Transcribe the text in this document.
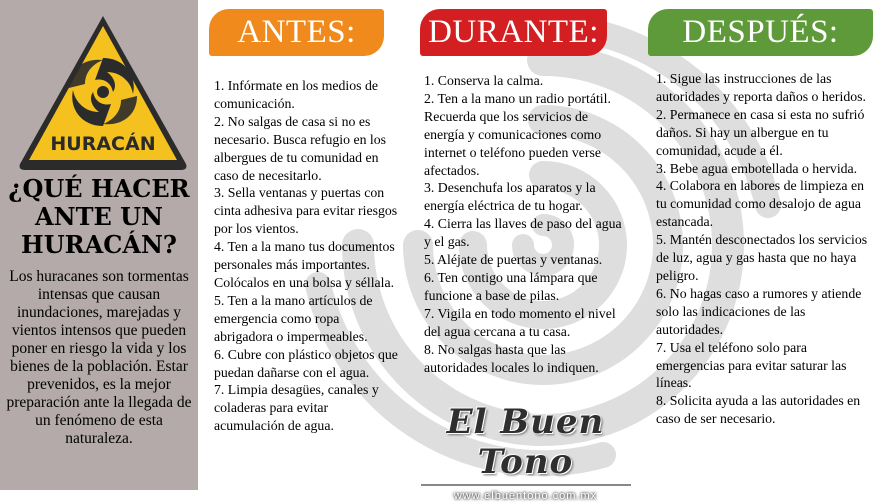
HURACÁN
¿QUÉ HACER ANTE UN HURACÁN?

Los huracanes son tormentas intensas que causan inundaciones, marejadas y vientos intensos que pueden poner en riesgo la vida y los bienes de la población. Estar prevenidos, es la mejor preparación ante la llegada de un fenómeno de esta naturaleza.

ANTES:	DURANTE:	DESPUÉS:
1. Infórmate en los medios de comunicación.
2. No salgas de casa si no es necesario. Busca refugio en los albergues de tu comunidad en caso de necesitarlo.
3. Sella ventanas y puertas con cinta adhesiva para evitar riesgos por los vientos.
4. Ten a la mano tus documentos personales más importantes. Colócalos en una bolsa y séllala.
5. Ten a la mano artículos de emergencia como ropa abrigadora o impermeables.
6. Cubre con plástico objetos que puedan dañarse con el agua.
7. Limpia desagües, canales y coladeras para evitar acumulación de agua.
1. Conserva la calma.
2. Ten a la mano un radio portátil. Recuerda que los servicios de energía y comunicaciones como internet o teléfono pueden verse afectados.
3. Desenchufa los aparatos y la energía eléctrica de tu hogar.
4. Cierra las llaves de paso del agua y el gas.
5. Aléjate de puertas y ventanas.
6. Ten contigo una lámpara que funcione a base de pilas.
7. Vigila en todo momento el nivel del agua cercana a tu casa.
8. No salgas hasta que las autoridades locales lo indiquen.
1. Sigue las instrucciones de las autoridades y reporta daños o heridos.
2. Permanece en casa si esta no sufrió daños. Si hay un albergue en tu comunidad, acude a él.
3. Bebe agua embotellada o hervida.
4. Colabora en labores de limpieza en tu comunidad como desalojo de agua estancada.
5. Mantén desconectados los servicios de luz, agua y gas hasta que no haya peligro.
6. No hagas caso a rumores y atiende solo las indicaciones de las autoridades.
7. Usa el teléfono solo para emergencias para evitar saturar las líneas.
8. Solicita ayuda a las autoridades en caso de ser necesario.
El Buen Tono
www.elbuentono.com.mx
